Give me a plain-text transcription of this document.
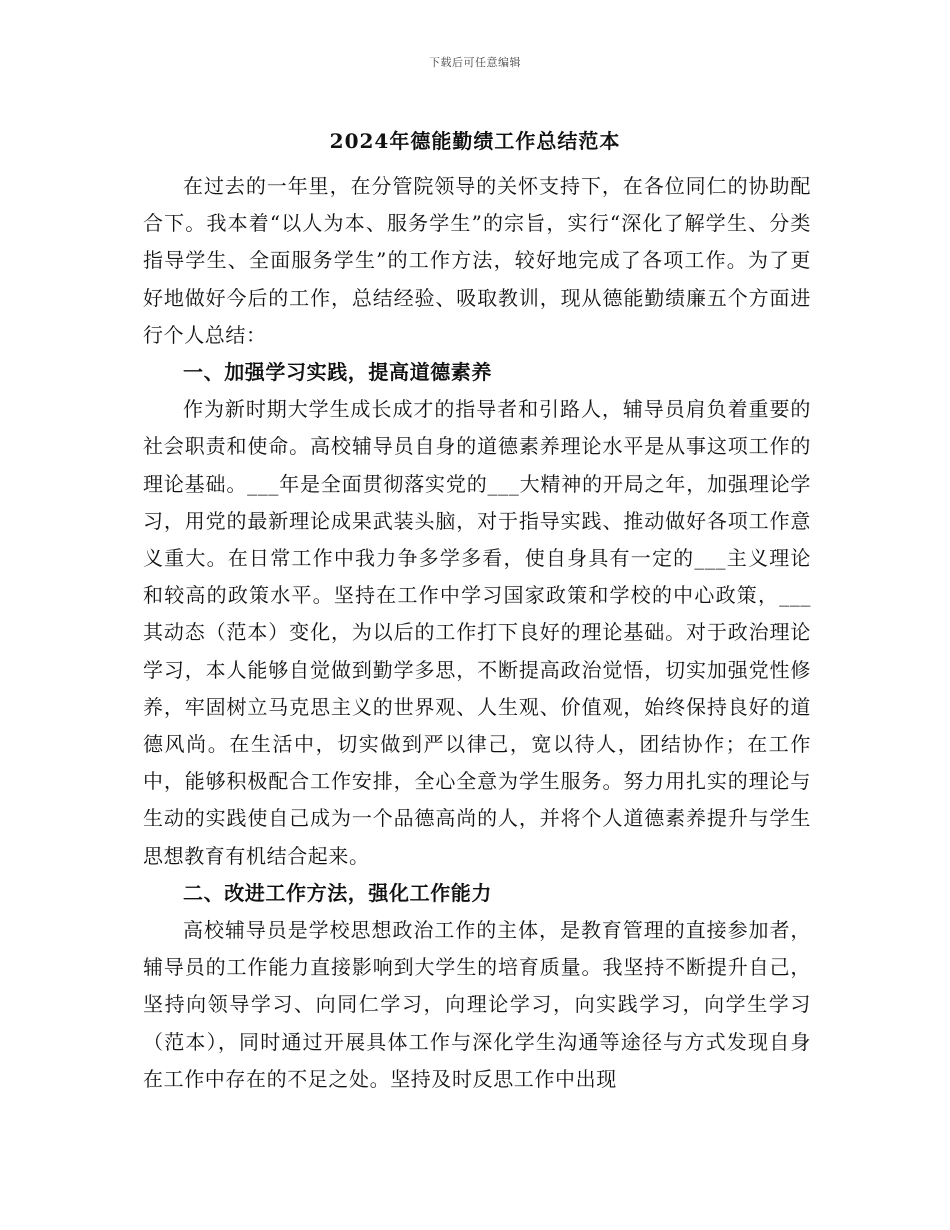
下载后可任意编辑
2024年德能勤绩工作总结范本

在过去的一年里，在分管院领导的关怀支持下，在各位同仁的协助配合下。我本着“以人为本、服务学生”的宗旨，实行“深化了解学生、分类指导学生、全面服务学生”的工作方法，较好地完成了各项工作。为了更好地做好今后的工作，总结经验、吸取教训，现从德能勤绩廉五个方面进行个人总结：

一、加强学习实践，提高道德素养

作为新时期大学生成长成才的指导者和引路人，辅导员肩负着重要的社会职责和使命。高校辅导员自身的道德素养理论水平是从事这项工作的理论基础。___年是全面贯彻落实党的___大精神的开局之年，加强理论学习，用党的最新理论成果武装头脑，对于指导实践、推动做好各项工作意义重大。在日常工作中我力争多学多看，使自身具有一定的___主义理论和较高的政策水平。坚持在工作中学习国家政策和学校的中心政策，___其动态（范本）变化，为以后的工作打下良好的理论基础。对于政治理论学习，本人能够自觉做到勤学多思，不断提高政治觉悟，切实加强党性修养，牢固树立马克思主义的世界观、人生观、价值观，始终保持良好的道德风尚。在生活中，切实做到严以律己，宽以待人，团结协作；在工作中，能够积极配合工作安排，全心全意为学生服务。努力用扎实的理论与生动的实践使自己成为一个品德高尚的人，并将个人道德素养提升与学生思想教育有机结合起来。

二、改进工作方法，强化工作能力

高校辅导员是学校思想政治工作的主体，是教育管理的直接参加者，辅导员的工作能力直接影响到大学生的培育质量。我坚持不断提升自己，坚持向领导学习、向同仁学习，向理论学习，向实践学习，向学生学习（范本），同时通过开展具体工作与深化学生沟通等途径与方式发现自身在工作中存在的不足之处。坚持及时反思工作中出现
